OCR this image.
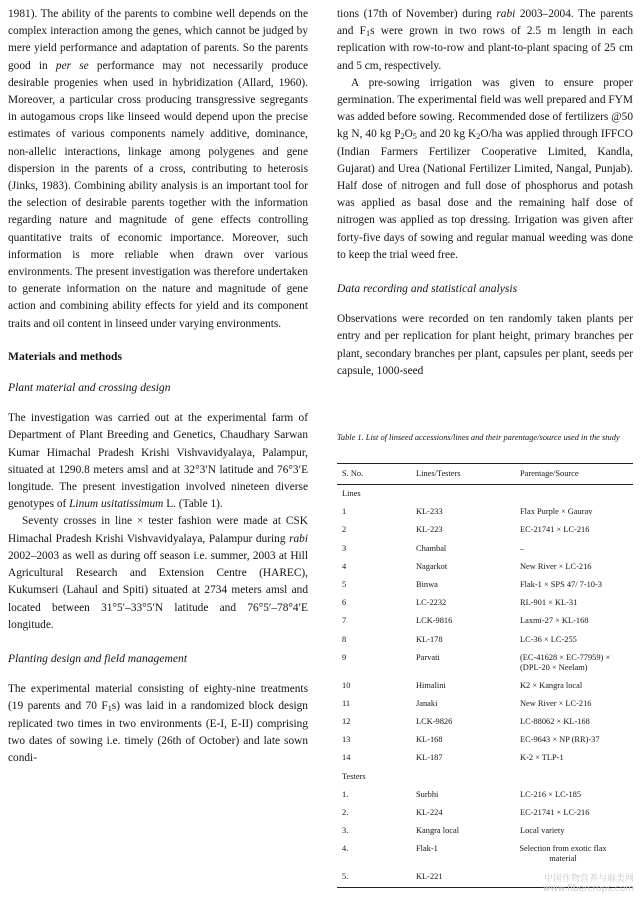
1981). The ability of the parents to combine well depends on the complex interaction among the genes, which cannot be judged by mere yield performance and adaptation of parents. So the parents good in per se performance may not necessarily produce desirable progenies when used in hybridization (Allard, 1960). Moreover, a particular cross producing transgressive segregants in autogamous crops like linseed would depend upon the precise estimates of various components namely additive, dominance, non-allelic interactions, linkage among polygenes and gene dispersion in the parents of a cross, contributing to heterosis (Jinks, 1983). Combining ability analysis is an important tool for the selection of desirable parents together with the information regarding nature and magnitude of gene effects controlling quantitative traits of economic importance. Moreover, such information is more reliable when drawn over various environments. The present investigation was therefore undertaken to generate information on the nature and magnitude of gene action and combining ability effects for yield and its component traits and oil content in linseed under varying environments.

Materials and methods

Plant material and crossing design

The investigation was carried out at the experimental farm of Department of Plant Breeding and Genetics, Chaudhary Sarwan Kumar Himachal Pradesh Krishi Vishvavidyalaya, Palampur, situated at 1290.8 meters amsl and at 32°3′N latitude and 76°3′E longitude. The present investigation involved nineteen diverse genotypes of Linum usitatissimum L. (Table 1).

Seventy crosses in line × tester fashion were made at CSK Himachal Pradesh Krishi Vishvavidyalaya, Palampur during rabi 2002–2003 as well as during off season i.e. summer, 2003 at Hill Agricultural Research and Extension Centre (HAREC), Kukumseri (Lahaul and Spiti) situated at 2734 meters amsl and located between 31°5′–33°5′N latitude and 76°5′–78°4′E longitude.

Planting design and field management

The experimental material consisting of eighty-nine treatments (19 parents and 70 $F_1s$) was laid in a randomized block design replicated two times in two environments (E-I, E-II) comprising two dates of sowing i.e. timely (26th of October) and late sown condi-

tions (17th of November) during rabi 2003–2004. The parents and $F_1s$ were grown in two rows of 2.5 m length in each replication with row-to-row and plant-to-plant spacing of 25 cm and 5 cm, respectively.

A pre-sowing irrigation was given to ensure proper germination. The experimental field was well prepared and FYM was added before sowing. Recommended dose of fertilizers @50 kg N, 40 kg $P_2O_5$ and 20 kg $K_2O/ha$ was applied through IFFCO (Indian Farmers Fertilizer Cooperative Limited, Kandla, Gujarat) and Urea (National Fertilizer Limited, Nangal, Punjab). Half dose of nitrogen and full dose of phosphorus and potash was applied as basal dose and the remaining half dose of nitrogen was applied as top dressing. Irrigation was given after forty-five days of sowing and regular manual weeding was done to keep the trial weed free.

Data recording and statistical analysis

Observations were recorded on ten randomly taken plants per entry and per replication for plant height, primary branches per plant, secondary branches per plant, capsules per plant, seeds per capsule, 1000-seed

Table 1. List of linseed accessions/lines and their parentage/source used in the study

S. No.	Lines/Testers	Parentage/Source
Lines
1	KL-233	Flax Purple × Gaurav
2	KL-223	EC-21741 × LC-216
3	Chambal	–
4	Nagarkot	New River × LC-216
5	Binwa	Flak-1 × SPS 47/ 7-10-3
6	LC-2232	RL-901 × KL-31
7	LCK-9816	Laxmi-27 × KL-168
8	KL-178	LC-36 × LC-255
9	Parvati	(EC-41628 × EC-77959) × (DPL-20 × Neelam)
10	Himalini	K2 × Kangra local
11	Janaki	New River × LC-216
12	LCK-9826	LC-88062 × KL-168
13	KL-168	EC-9643 × NP (RR)-37
14	KL-187	K-2 × TLP-1
Testers
1.	Surbhi	LC-216 × LC-185
2.	KL-224	EC-21741 × LC-216
3.	Kangra local	Local variety
4.	Flak-1	Selection from exotic flax material
5.	KL-221	中国作物营养与麻类网
www.fibercrops.com
